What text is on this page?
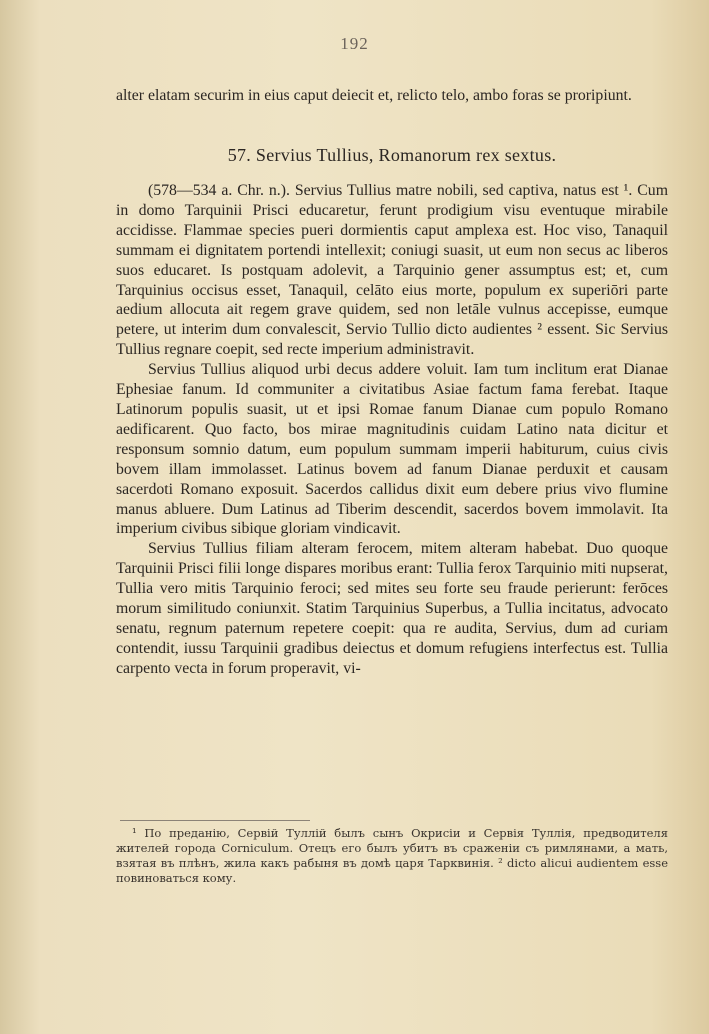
192

alter elatam securim in eius caput deiecit et, relicto telo, ambo foras se proripiunt.

57. Servius Tullius, Romanorum rex sextus.

(578—534 a. Chr. n.). Servius Tullius matre nobili, sed captiva, natus est ¹. Cum in domo Tarquinii Prisci educaretur, ferunt prodigium visu eventuque mirabile accidisse. Flammae species pueri dormientis caput amplexa est. Hoc viso, Tanaquil summam ei dignitatem portendi intellexit; coniugi suasit, ut eum non secus ac liberos suos educaret. Is postquam adolevit, a Tarquinio gener assumptus est; et, cum Tarquinius occisus esset, Tanaquil, celāto eius morte, populum ex superiōri parte aedium allocuta ait regem grave quidem, sed non letāle vulnus accepisse, eumque petere, ut interim dum convalescit, Servio Tullio dicto audientes ² essent. Sic Servius Tullius regnare coepit, sed recte imperium administravit.

Servius Tullius aliquod urbi decus addere voluit. Iam tum inclitum erat Dianae Ephesiae fanum. Id communiter a civitatibus Asiae factum fama ferebat. Itaque Latinorum populis suasit, ut et ipsi Romae fanum Dianae cum populo Romano aedificarent. Quo facto, bos mirae magnitudinis cuidam Latino nata dicitur et responsum somnio datum, eum populum summam imperii habiturum, cuius civis bovem illam immolasset. Latinus bovem ad fanum Dianae perduxit et causam sacerdoti Romano exposuit. Sacerdos callidus dixit eum debere prius vivo flumine manus abluere. Dum Latinus ad Tiberim descendit, sacerdos bovem immolavit. Ita imperium civibus sibique gloriam vindicavit.

Servius Tullius filiam alteram ferocem, mitem alteram habebat. Duo quoque Tarquinii Prisci filii longe dispares moribus erant: Tullia ferox Tarquinio miti nupserat, Tullia vero mitis Tarquinio feroci; sed mites seu forte seu fraude perierunt: ferōces morum similitudo coniunxit. Statim Tarquinius Superbus, a Tullia incitatus, advocato senatu, regnum paternum repetere coepit: qua re audita, Servius, dum ad curiam contendit, iussu Tarquinii gradibus deiectus et domum refugiens interfectus est. Tullia carpento vecta in forum properavit, vi-

¹ По преданію, Сервій Туллій былъ сынъ Окрисіи и Сервія Туллія, предводителя жителей города Corniculum. Отецъ его былъ убитъ въ сраженіи съ римлянами, а мать, взятая въ плѣнъ, жила какъ рабыня въ домѣ царя Тарквинія. ² dicto alicui audientem esse повиноваться кому.
